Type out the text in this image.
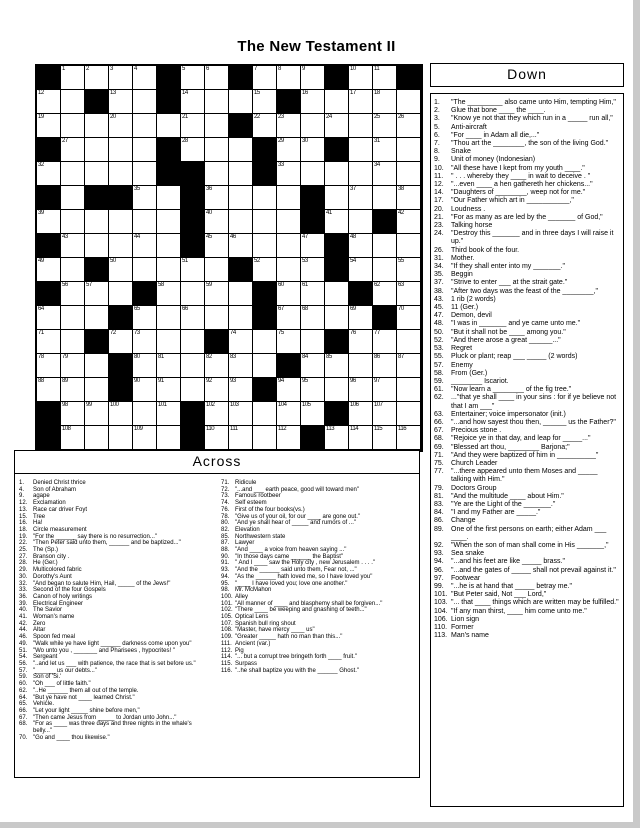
The New Testament II
1	2	3	4	5	6	7	8	9	10	11
12	13	14	15	16	17	18
19	20	21	22	23	24	25	26
27	28	29	30	31
32	33	34
35	36	37	38
39	40	41	42
43	44	45	46	47	48
49	50	51	52	53	54	55
56	57	58	59	60	61	62	63
64	65	66	67	68	69	70
71	72	73	74	75	76	77
78	79	80	81	82	83	84	85	86	87
88	89	90	91	92	93	94	95	96	97
98	99	100	101	102	103	104	105	106	107
108	109	110	111	112	113	114	115	116
Down
1.	"The _________ also came unto Him, tempting Him,"
2.	Glue that bone ____ the ____.
3.	"Know ye not that they which run in a _____ run all,"
5.	Anti-aircraft
6.	"For ____ in Adam all die,..."
7.	"Thou art the ________, the son of the living God."
8.	Snake
9.	Unit of money (Indonesian)
10.	"All these have I kept from my youth ____."
11.	" . . . whereby they ____ in wait to deceive . "
12.	"...even ____ a hen gathereth her chickens..."
14.	"Daughters of ________, weep not for me."
17.	"Our Father which art in ___________,"
20.	Loudness .
21.	"For as many as are led by the _______ of God,"
23.	Talking horse
24.	"Destroy this _______ and in three days I will raise it up."
26.	Third book of the four.
31.	Mother.
34.	"If they shall enter into my _______."
35.	Beggin
37.	"Strive to enter ___ at the strait gate."
38.	"After two days was the feast of the ________,"
43.	1 rib (2 words)
45.	11 (Ger.)
47.	Demon, devil
48.	"I was in _______ and ye came unto me."
50.	"But it shall not be ____ among you."
52.	"And there arose a great ______..."
53.	Regret
55.	Pluck or plant; reap ___ _____ (2 words)
57.	Enemy
58.	From (Ger.)
59.	________ Iscariot.
61.	"Now learn a ________ of the fig tree."
62.	..."that ye shall ____ in your sins : for if ye believe not that I am ___"
63.	Entertainer; voice impersonator (init.)
66.	"...and how sayest thou then, ______ us the Father?"
67.	Precious stone .
68.	"Rejoice ye in that day, and leap for _____..."
69.	"Blessed art thou, ________ Barjona;"
71.	"And they were baptized of him in __________"
75.	Church Leader
77.	"...there appeared unto them Moses and _____ talking with Him."
79.	Doctors Group
81.	"And the multitude ____ about Him."
83.	"Ye are the Light of the _______."
84.	"I and my Father are _____."
86.	Change
89.	One of the first persons on earth; either Adam ___ ____.
92.	"When the son of man shall come in His _______,"
93.	Sea snake
94.	"...and his feet are like _____ brass."
96.	"...and the gates of _____ shall not prevail against it."
97.	Footwear
99.	"...he is at hand that _____ betray me."
101. "But Peter said, Not ___ Lord,"
103. "... that ____ things which are written may be fulfilled."
104. "If any man thirst, ____ him come unto me."
106. Lion sign
110. Former
113. Man's name
Across
1.	Denied Christ thrice
4.	Son of Abraham
9.	agape
12. Exclamation
13. Race car driver Foyt
15. Tree
16. Ha!
18. Circle measurement
19. "For the ______ say there is no resurrection..."
22. "Then Peter said unto them, ______ and be baptized..."
25. The (Sp.)
27. Branson city .
28. He (Ger.)
29. Multicolored fabric
30. Dorothy's Aunt
32. "And began to salute Him, Hail, _____ of the Jews!"
33. Second of the four Gospels
36. Canon of holy writings
39. Electrical Engineer
40. The Savior
41. Woman's name
42. Zero
44. Altar
46. Spoon fed meal
49. "Walk while ye have light ______ darkness come upon you"
51. "Wo unto you , _______ and Pharisees , hypocrites! "
54. Sergeant
56. "..and let us ___ with patience, the race that is set before us."
57. "______ us our debts..."
59. Son of 'Si.'
60. "Oh ___ of little faith."
62. "..He ______ them all out of the temple.
64. "But ye have not ____ learned Christ."
65. Vehicle.
66. "Let your light _____ shine before men,"
67. "Then came Jesus from _____ to Jordan unto John..."
68. "For as ____ was three days and three nights in the whale's belly..."
70. "Go and ____ thou likewise."
71. Ridicule
72. "...and ___ earth peace, good will toward men"
73. Famous rootbeer
74. Self esteem
76. First of the four books(vs.)
78. "Give us of your oil, for our ____ are gone out."
80. "And ye shall hear of _____ and rumors of ..."
82. Elevation
85. Northwestern state
87. Lawyer
88. "And ____ a voice from heaven saying ..."
90. "In those days came ______ the Baptist"
91. " And I ____ saw the Holy city , new Jerusalem . . . ."
93. "And the ______ said unto them, Fear not, ..."
94. "As the ______ hath loved me, so I have loved you"
95. "____ I have loved you; love one another."
98. Mr. McMahon
100. Alley
101. "All manner of ____ and blasphemy shall be forgiven..."
102. "There ____ be weeping and gnashing of teeth..."
105. Optical Lens
107. Spanish bull ring shout
108. "Master, have mercy ____ us"
109. "Greater _____ hath no man than this..."
111. Ancient (var.)
112. Pig
114. "... but a corrupt tree bringeth forth ____ fruit."
115. Surpass
116. "..he shall baptize you with the ______ Ghost."
